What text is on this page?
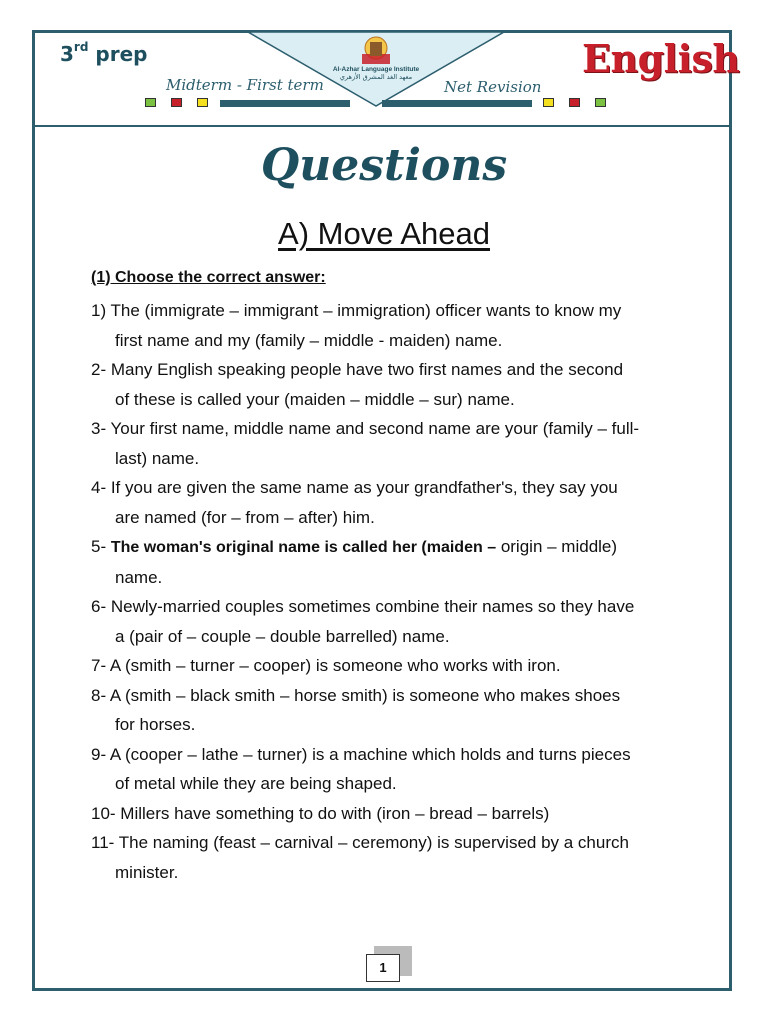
3rd prep	English
Al-Azhar Language Institute
معهد الغد المشرق الأزهري
Midterm - First term	Net Revision
Questions
A) Move Ahead
(1) Choose the correct answer:
1) The (immigrate – immigrant – immigration) officer wants to know my
first name and my (family – middle - maiden) name.
2- Many English speaking people have two first names and the second
of these is called your (maiden – middle – sur) name.
3- Your first name, middle name and second name are your (family – full-
last) name.
4- If you are given the same name as your grandfather's, they say you
are named (for – from – after) him.
5- The woman's original name is called her (maiden – origin – middle)
name.
6- Newly-married couples sometimes combine their names so they have
a (pair of – couple – double barrelled) name.
7- A (smith – turner – cooper) is someone who works with iron.
8- A (smith – black smith – horse smith) is someone who makes shoes
for horses.
9- A (cooper – lathe – turner) is a machine which holds and turns pieces
of metal while they are being shaped.
10- Millers have something to do with (iron – bread – barrels)
11- The naming (feast – carnival – ceremony) is supervised by a church
minister.
1
